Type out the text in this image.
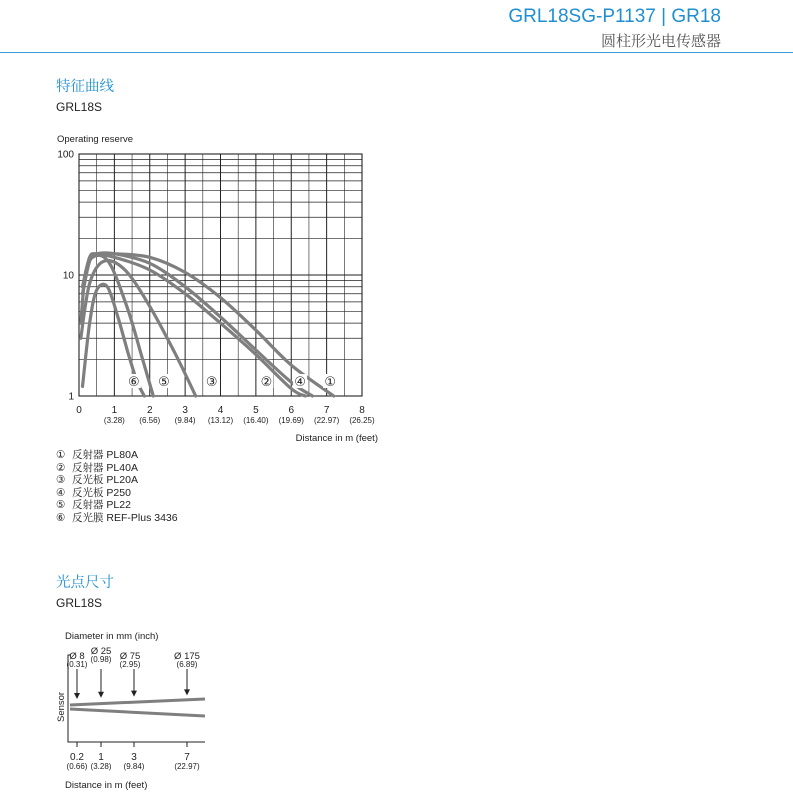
GRL18SG-P1137 | GR18
圆柱形光电传感器
特征曲线
GRL18S
Operating reserve
100
10
1
0	1
(3.28)
2
(6.56)
3
(9.84)
4
(13.12)
5
(16.40)
6
(19.69)
7
(22.97)
8
(26.25)
⑥ ⑤	③	② ④ ①
Distance in m (feet)
Diameter in mm (inch)
Ø 8
(0.31)
Ø 25
(0.98) Ø 75
(2.95)
Ø 175
(6.89)
Sensor
0.2
(0.66)
1
(3.28)
3
(9.84)
7
(22.97)
Distance in m (feet)
① 反射器 PL80A
② 反射器 PL40A
③ 反光板 PL20A
④ 反光板 P250
⑤ 反射器 PL22
⑥ 反光膜 REF-Plus 3436
光点尺寸
GRL18S
